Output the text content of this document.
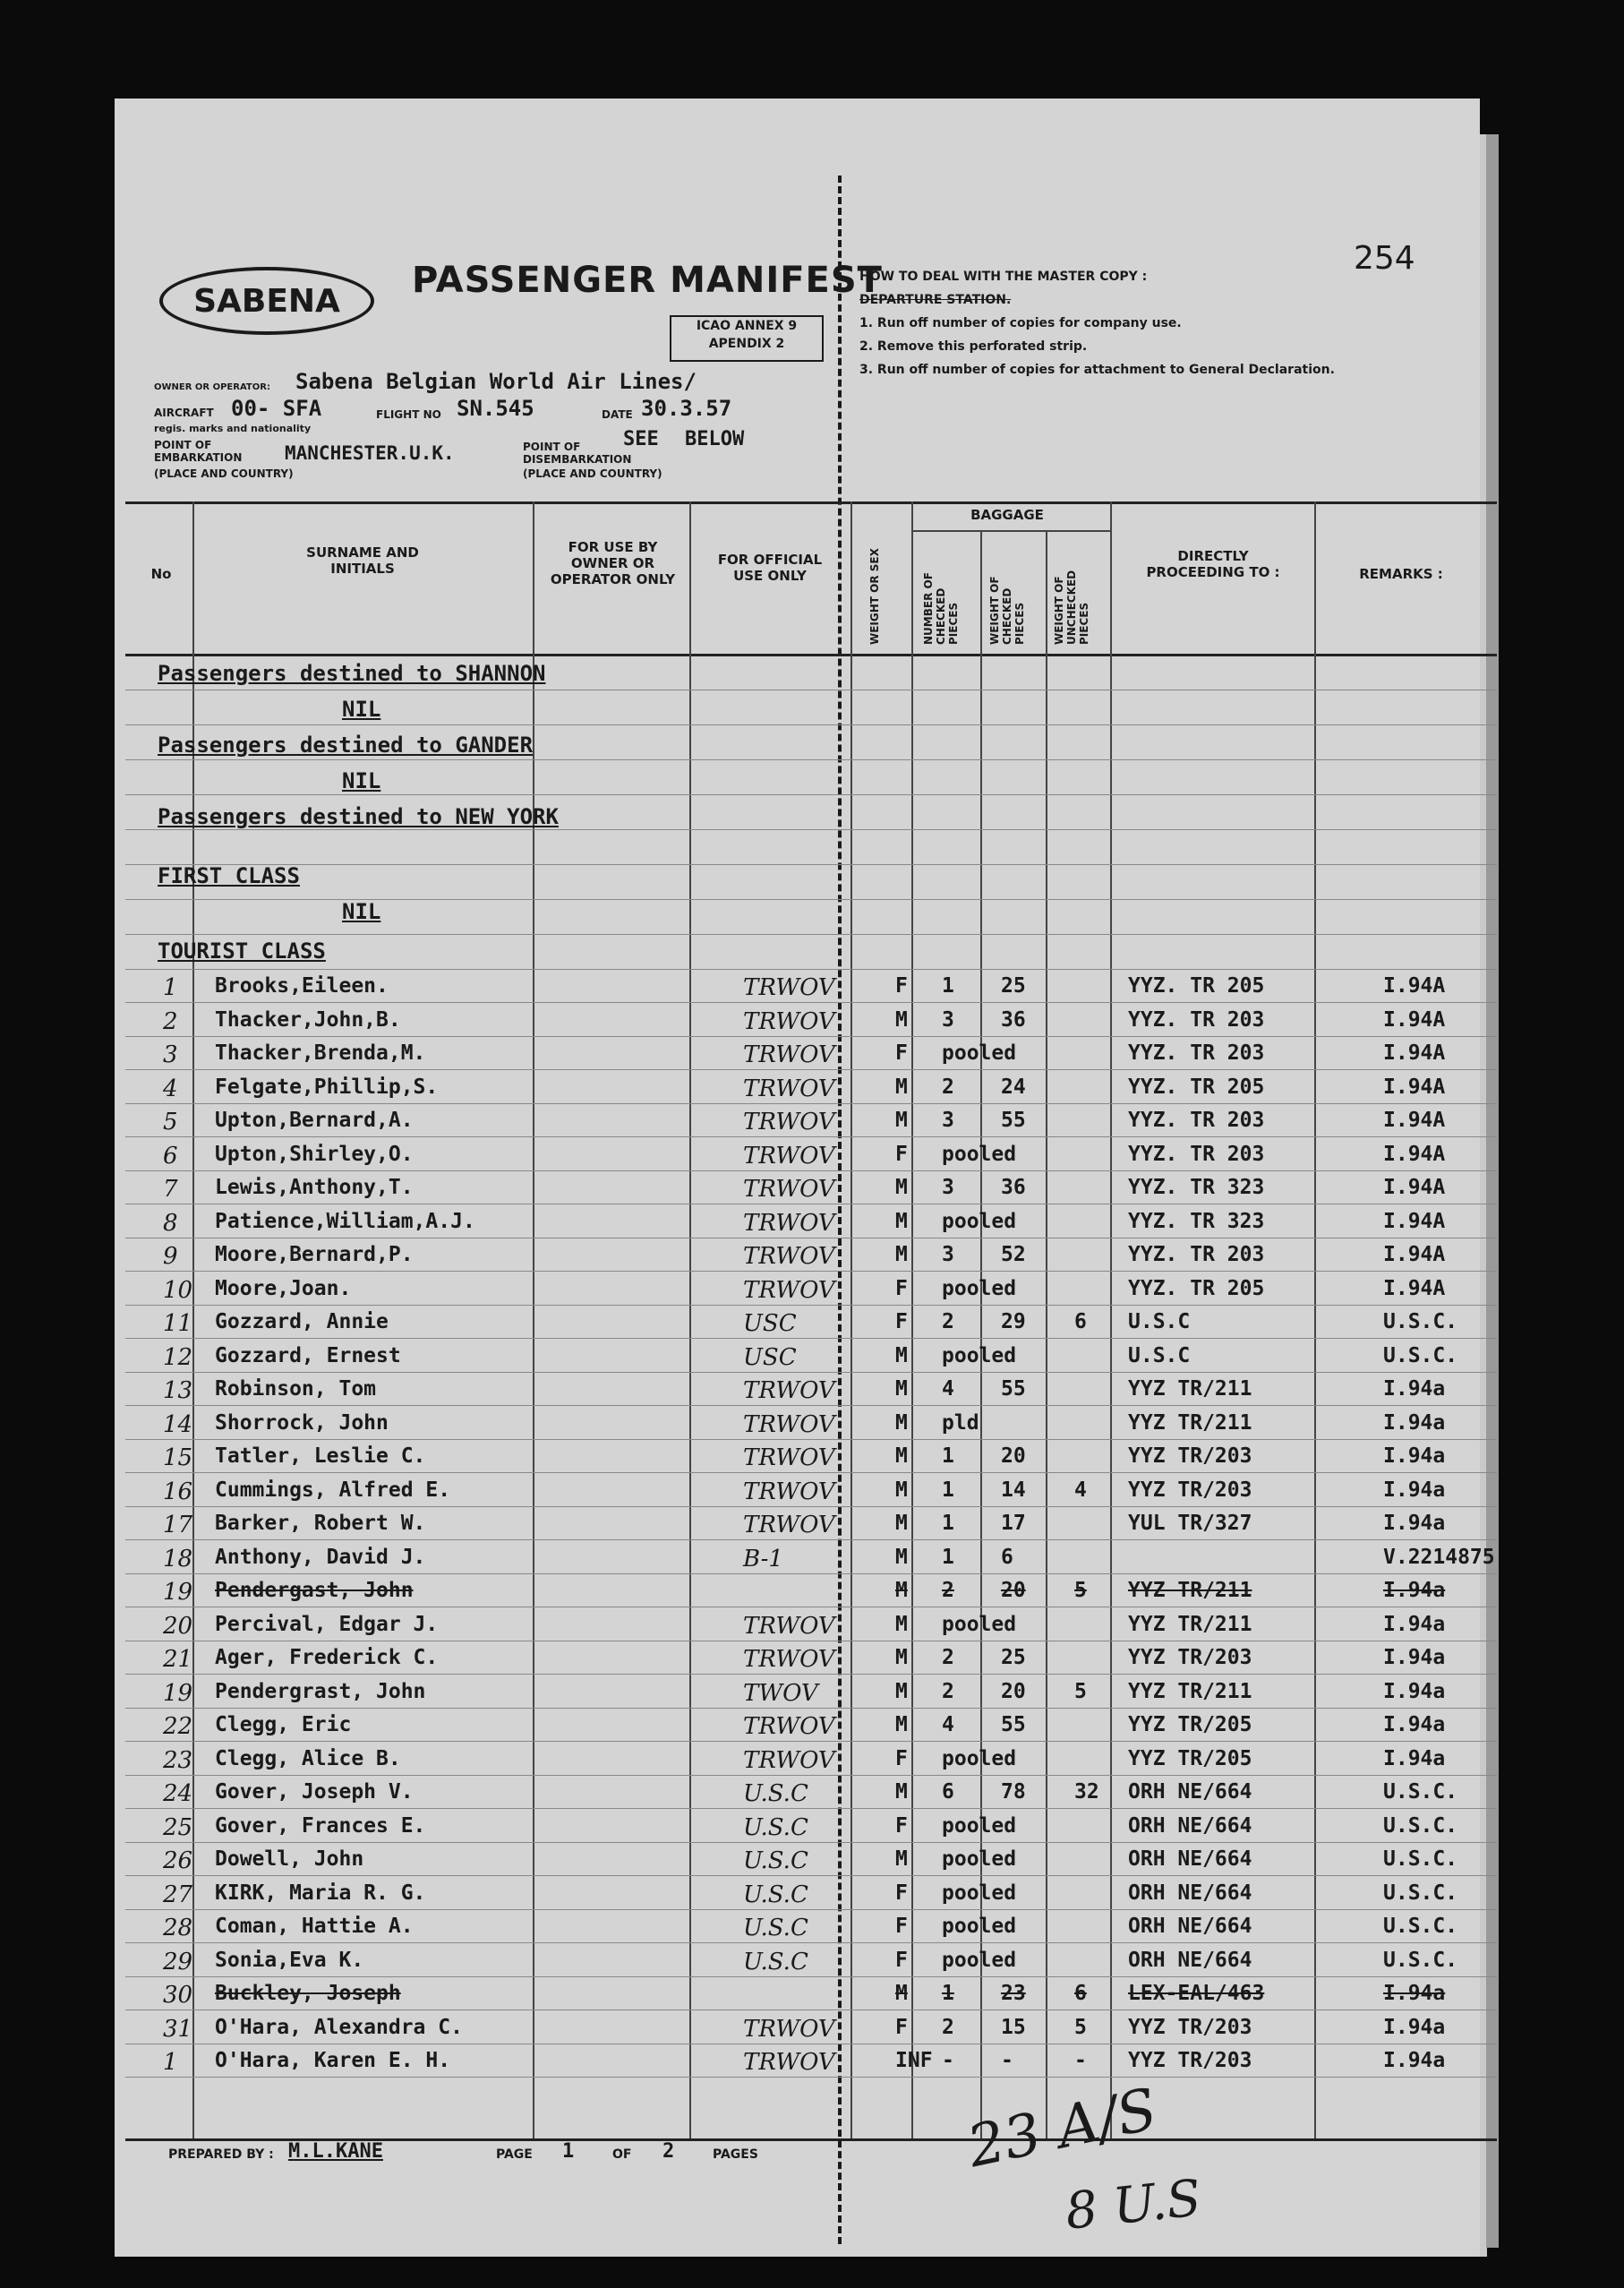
254
SABENA	PASSENGER MANIFEST
ICAO ANNEX 9
APENDIX 2
HOW TO DEAL WITH THE MASTER COPY :
DEPARTURE STATION.
1. Run off number of copies for company use.
2. Remove this perforated strip.
3. Run off number of copies for attachment to General Declaration.
OWNER OR OPERATOR: Sabena Belgian World Air Lines/
AIRCRAFT 00- SFA	FLIGHT NO SN.545	DATE 30.3.57
regis. marks and nationality
POINT OF EMBARKATION	MANCHESTER.U.K.
(PLACE AND COUNTRY)
POINT OF DISEMBARKATION
SEE BELOW
(PLACE AND COUNTRY)
No
SURNAME AND INITIALS
FOR USE BY OWNER OR OPERATOR ONLY
FOR OFFICIAL USE ONLY	WEIGHT OR SEX
BAGGAGE
NUMBER OF CHECKED PIECES	WEIGHT OF CHECKED PIECES	WEIGHT OF UNCHECKED PIECES
DIRECTLY PROCEEDING TO :	REMARKS :
Passengers destined to SHANNON
NIL
Passengers destined to GANDER
NIL
Passengers destined to NEW YORK
FIRST CLASS
NIL
TOURIST CLASS
1 Brooks,Eileen.	TRWOV	F 1 25	YYZ. TR 205	I.94A
2 Thacker,John,B.	TRWOV	M 3 36	YYZ. TR 203	I.94A
3 Thacker,Brenda,M.	TRWOV	F pooled	YYZ. TR 203	I.94A
4 Felgate,Phillip,S.	TRWOV	M 2 24	YYZ. TR 205	I.94A
5 Upton,Bernard,A.	TRWOV	M 3 55	YYZ. TR 203	I.94A
6 Upton,Shirley,O.	TRWOV	F pooled	YYZ. TR 203	I.94A
7 Lewis,Anthony,T.	TRWOV	M 3 36	YYZ. TR 323	I.94A
8 Patience,William,A.J.	TRWOV	M pooled	YYZ. TR 323	I.94A
9 Moore,Bernard,P.	TRWOV	M 3 52	YYZ. TR 203	I.94A
10 Moore,Joan.	TRWOV	F pooled	YYZ. TR 205	I.94A
11 Gozzard, Annie	USC	F 2 29 6 U.S.C	U.S.C.
12 Gozzard, Ernest	USC	M pooled	U.S.C	U.S.C.
13 Robinson, Tom	TRWOV	M 4 55	YYZ TR/211	I.94a
14 Shorrock, John	TRWOV	M pld	YYZ TR/211	I.94a
15 Tatler, Leslie C.	TRWOV	M 1 20	YYZ TR/203	I.94a
16 Cummings, Alfred E.	TRWOV	M 1 14 4 YYZ TR/203	I.94a
17 Barker, Robert W.	TRWOV	M 1 17	YUL TR/327	I.94a
18 Anthony, David J.	B-1	M 1 6	V.2214875
19 Pendergast, John	M 2 20 5 YYZ TR/211	I.94a
20 Percival, Edgar J.	TRWOV	M pooled	YYZ TR/211	I.94a
21 Ager, Frederick C.	TRWOV	M 2 25	YYZ TR/203	I.94a
19 Pendergrast, John	TWOV	M 2 20 5 YYZ TR/211	I.94a
22 Clegg, Eric	TRWOV	M 4 55	YYZ TR/205	I.94a
23 Clegg, Alice B.	TRWOV	F pooled	YYZ TR/205	I.94a
24 Gover, Joseph V.	U.S.C	M 6 78 32 ORH NE/664	U.S.C.
25 Gover, Frances E.	U.S.C	F pooled	ORH NE/664	U.S.C.
26 Dowell, John	U.S.C	M pooled	ORH NE/664	U.S.C.
27 KIRK, Maria R. G.	U.S.C	F pooled	ORH NE/664	U.S.C.
28 Coman, Hattie A.	U.S.C	F pooled	ORH NE/664	U.S.C.
29 Sonia,Eva K.	U.S.C	F pooled	ORH NE/664	U.S.C.
30 Buckley, Joseph	M 1 23 6 LEX-EAL/463	I.94a
31 O'Hara, Alexandra C.	TRWOV	F 2 15 5 YYZ TR/203	I.94a
1 O'Hara, Karen E. H.	TRWOV	INF - -	- YYZ TR/203	I.94a
PREPARED BY : M.L.KANE	PAGE 1	OF 2	PAGES	23 A/S
8 U.S
